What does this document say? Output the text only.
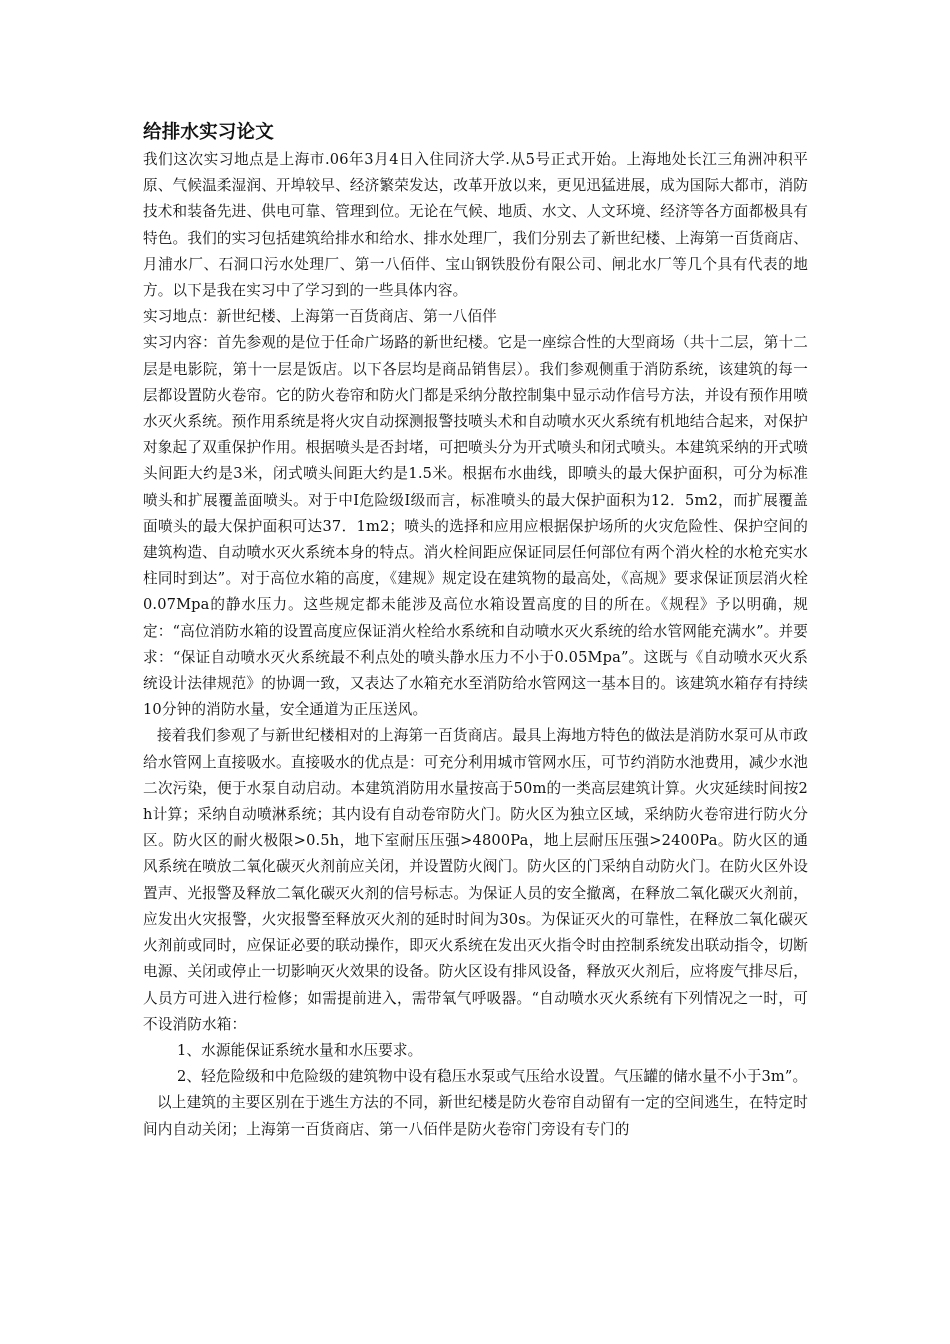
给排水实习论文

我们这次实习地点是上海市.06年3月4日入住同济大学.从5号正式开始。上海地处长江三角洲冲积平原、气候温柔湿润、开埠较早、经济繁荣发达，改革开放以来，更见迅猛进展，成为国际大都市，消防技术和装备先进、供电可靠、管理到位。无论在气候、地质、水文、人文环境、经济等各方面都极具有特色。我们的实习包括建筑给排水和给水、排水处理厂，我们分别去了新世纪楼、上海第一百货商店、月浦水厂、石洞口污水处理厂、第一八佰伴、宝山钢铁股份有限公司、闸北水厂等几个具有代表的地方。以下是我在实习中了学习到的一些具体内容。

实习地点：新世纪楼、上海第一百货商店、第一八佰伴

实习内容：首先参观的是位于任命广场路的新世纪楼。它是一座综合性的大型商场（共十二层，第十二层是电影院，第十一层是饭店。以下各层均是商品销售层）。我们参观侧重于消防系统，该建筑的每一层都设置防火卷帘。它的防火卷帘和防火门都是采纳分散控制集中显示动作信号方法，并设有预作用喷水灭火系统。预作用系统是将火灾自动探测报警技喷头术和自动喷水灭火系统有机地结合起来，对保护对象起了双重保护作用。根据喷头是否封堵，可把喷头分为开式喷头和闭式喷头。本建筑采纳的开式喷头间距大约是3米，闭式喷头间距大约是1.5米。根据布水曲线，即喷头的最大保护面积，可分为标准喷头和扩展覆盖面喷头。对于中Ⅰ危险级Ⅰ级而言，标准喷头的最大保护面积为12．5m2，而扩展覆盖面喷头的最大保护面积可达37．1m2；喷头的选择和应用应根据保护场所的火灾危险性、保护空间的建筑构造、自动喷水灭火系统本身的特点。消火栓间距应保证同层任何部位有两个消火栓的水枪充实水柱同时到达”。对于高位水箱的高度，《建规》规定设在建筑物的最高处，《高规》要求保证顶层消火栓0.07Mpa的静水压力。这些规定都未能涉及高位水箱设置高度的目的所在。《规程》予以明确，规定：“高位消防水箱的设置高度应保证消火栓给水系统和自动喷水灭火系统的给水管网能充满水”。并要求：“保证自动喷水灭火系统最不利点处的喷头静水压力不小于0.05Mpa”。这既与《自动喷水灭火系统设计法律规范》的协调一致，又表达了水箱充水至消防给水管网这一基本目的。该建筑水箱存有持续10分钟的消防水量，安全通道为正压送风。

接着我们参观了与新世纪楼相对的上海第一百货商店。最具上海地方特色的做法是消防水泵可从市政给水管网上直接吸水。直接吸水的优点是：可充分利用城市管网水压，可节约消防水池费用，减少水池二次污染，便于水泵自动启动。本建筑消防用水量按高于50m的一类高层建筑计算。火灾延续时间按2h计算；采纳自动喷淋系统；其内设有自动卷帘防火门。防火区为独立区域，采纳防火卷帘进行防火分区。防火区的耐火极限>0.5h，地下室耐压压强>4800Pa，地上层耐压压强>2400Pa。防火区的通风系统在喷放二氧化碳灭火剂前应关闭，并设置防火阀门。防火区的门采纳自动防火门。在防火区外设置声、光报警及释放二氧化碳灭火剂的信号标志。为保证人员的安全撤离，在释放二氧化碳灭火剂前，应发出火灾报警，火灾报警至释放灭火剂的延时时间为30s。为保证灭火的可靠性，在释放二氧化碳灭火剂前或同时，应保证必要的联动操作，即灭火系统在发出灭火指令时由控制系统发出联动指令，切断电源、关闭或停止一切影响灭火效果的设备。防火区设有排风设备，释放灭火剂后，应将废气排尽后，人员方可进入进行检修；如需提前进入，需带氧气呼吸器。“自动喷水灭火系统有下列情况之一时，可不设消防水箱：

1、水源能保证系统水量和水压要求。

2、轻危险级和中危险级的建筑物中设有稳压水泵或气压给水设置。气压罐的储水量不小于3m”。

以上建筑的主要区别在于逃生方法的不同，新世纪楼是防火卷帘自动留有一定的空间逃生，在特定时间内自动关闭；上海第一百货商店、第一八佰伴是防火卷帘门旁设有专门的
